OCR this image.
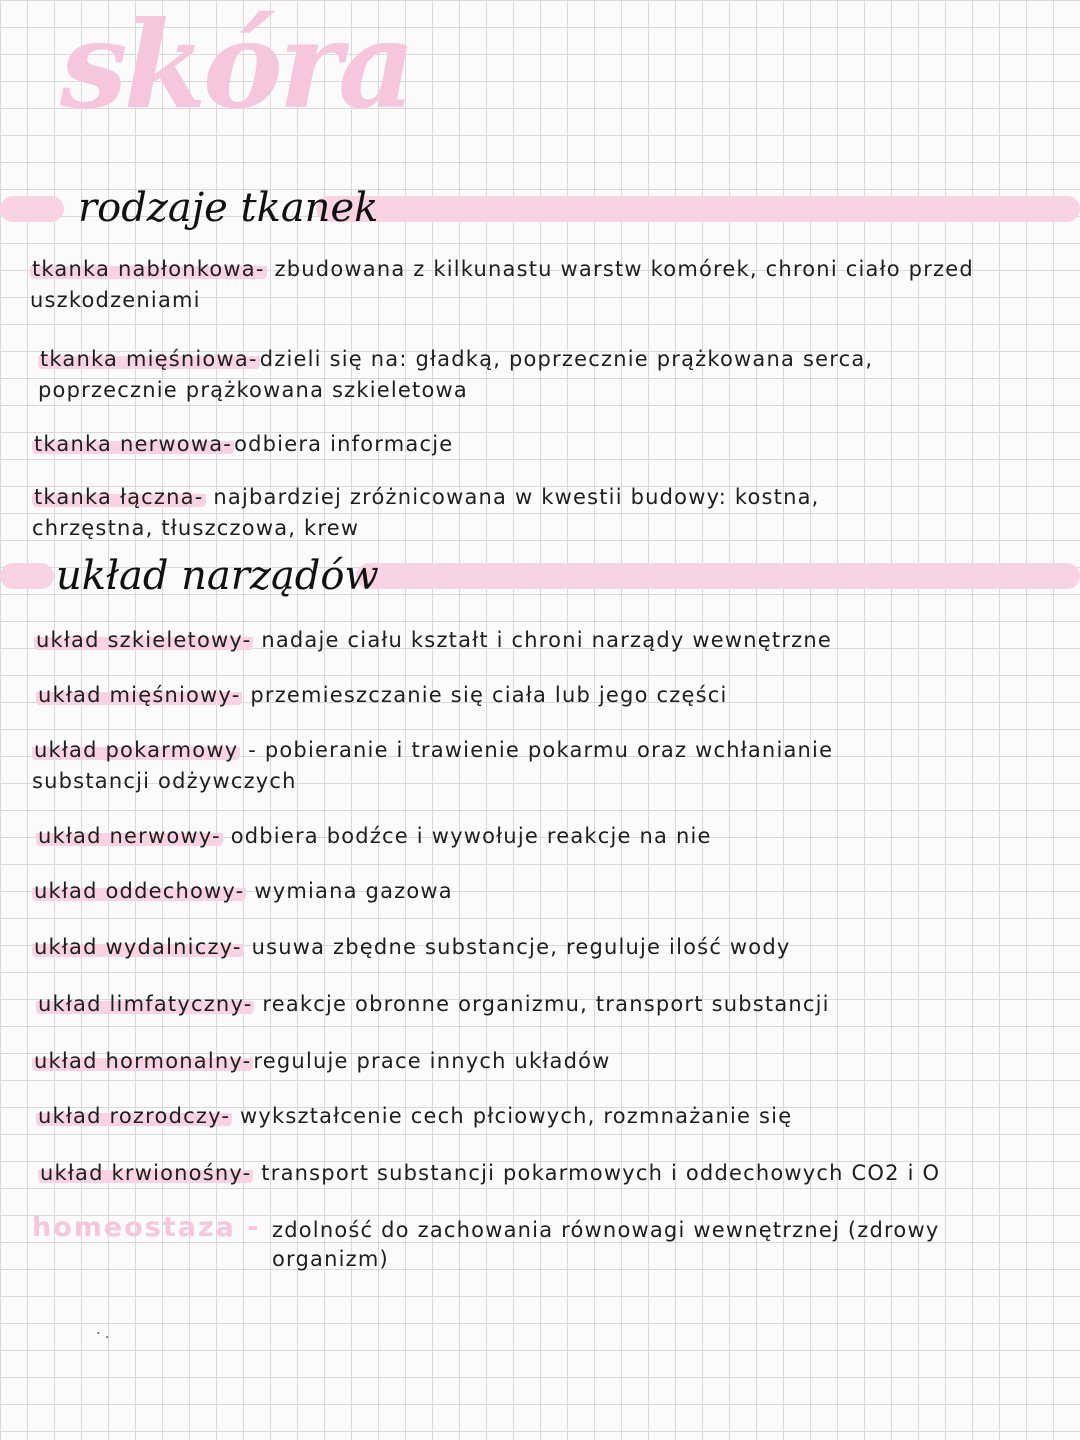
skóra
rodzaje tkanek
tkanka nabłonkowa- zbudowana z kilkunastu warstw komórek, chroni ciało przed
uszkodzeniami
tkanka mięśniowa-dzieli się na: gładką, poprzecznie prążkowana serca,
poprzecznie prążkowana szkieletowa
tkanka nerwowa-odbiera informacje
tkanka łączna- najbardziej zróżnicowana w kwestii budowy: kostna,
chrzęstna, tłuszczowa, krew
układ narządów
układ szkieletowy- nadaje ciału kształt i chroni narządy wewnętrzne
układ mięśniowy- przemieszczanie się ciała lub jego części
układ pokarmowy - pobieranie i trawienie pokarmu oraz wchłanianie
substancji odżywczych
układ nerwowy- odbiera bodźce i wywołuje reakcje na nie
układ oddechowy- wymiana gazowa
układ wydalniczy- usuwa zbędne substancje, reguluje ilość wody
układ limfatyczny- reakcje obronne organizmu, transport substancji
układ hormonalny-reguluje prace innych układów
układ rozrodczy- wykształcenie cech płciowych, rozmnażanie się
układ krwionośny- transport substancji pokarmowych i oddechowych CO2 i O
homeostaza - zdolność do zachowania równowagi wewnętrznej (zdrowy
organizm)
· .
